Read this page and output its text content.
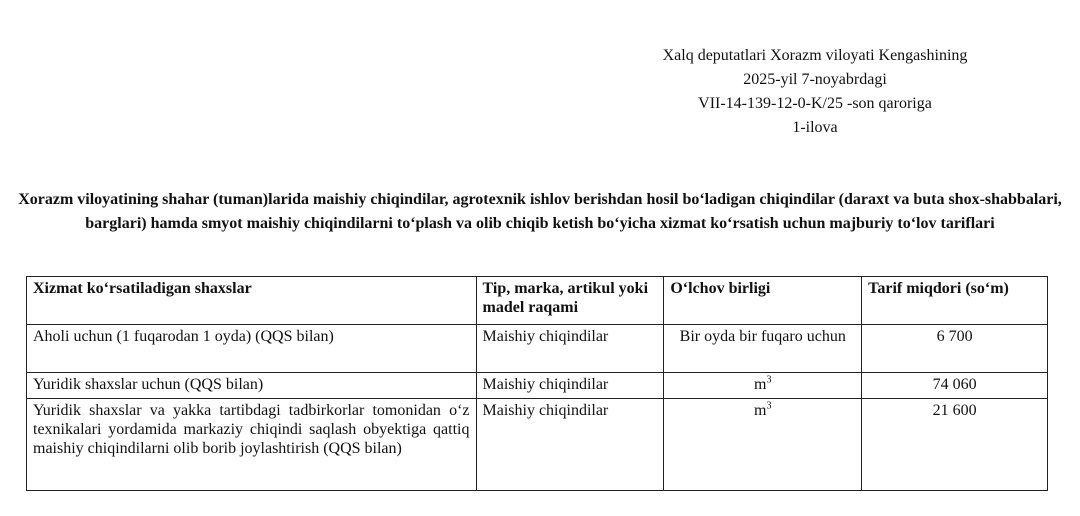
Xalq deputatlari Xorazm viloyati Kengashining
2025-yil 7-noyabrdagi
VII-14-139-12-0-K/25 -son qaroriga
1-ilova
Xorazm viloyatining shahar (tuman)larida maishiy chiqindilar, agrotexnik ishlov berishdan hosil boʻladigan chiqindilar (daraxt va buta shox-shabbalari, barglari) hamda smyot maishiy chiqindilarni toʻplash va olib chiqib ketish boʻyicha xizmat koʻrsatish uchun majburiy toʻlov tariflari
Xizmat koʻrsatiladigan shaxslar	Tip, marka, artikul yoki madel raqami	Oʻlchov birligi	Tarif miqdori (soʻm)
Aholi uchun (1 fuqarodan 1 oyda) (QQS bilan)	Maishiy chiqindilar	Bir oyda bir fuqaro uchun	6 700
Yuridik shaxslar uchun (QQS bilan)	Maishiy chiqindilar	$m^3$	74 060
Yuridik shaxslar va yakka tartibdagi tadbirkorlar tomonidan oʻz texnikalari yordamida markaziy chiqindi saqlash obyektiga qattiq maishiy chiqindilarni olib borib joylashtirish (QQS bilan)	Maishiy chiqindilar	$m^3$	21 600
